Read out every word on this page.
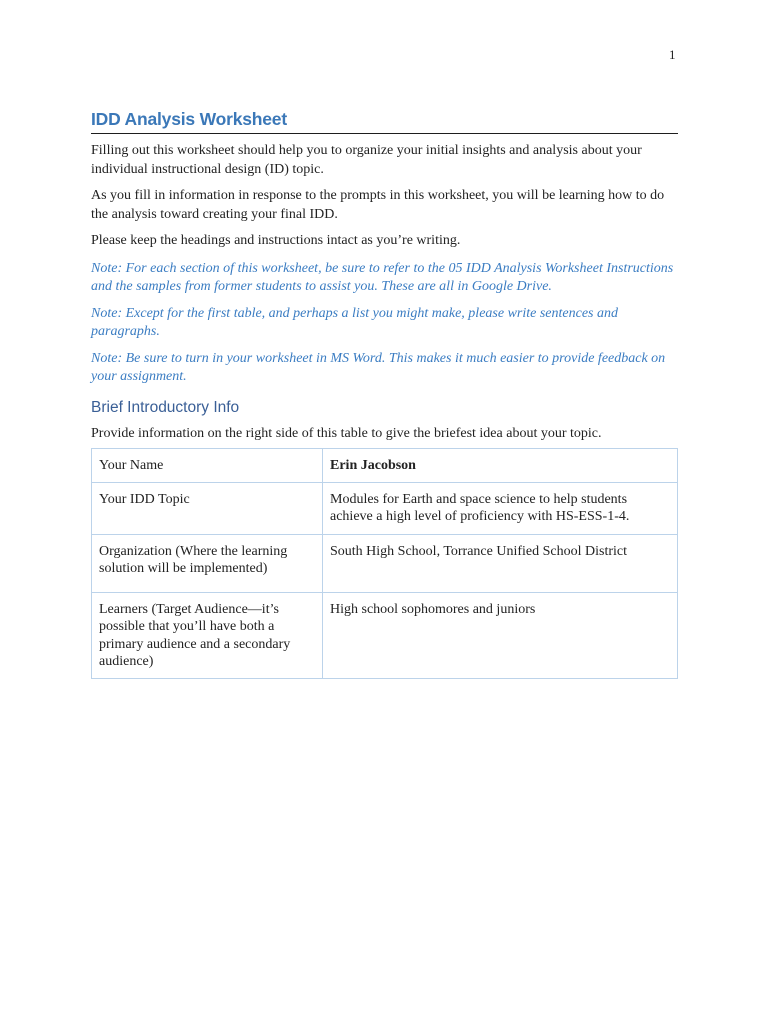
1
IDD Analysis Worksheet

Filling out this worksheet should help you to organize your initial insights and analysis about your individual instructional design (ID) topic.

As you fill in information in response to the prompts in this worksheet, you will be learning how to do the analysis toward creating your final IDD.

Please keep the headings and instructions intact as you’re writing.

Note: For each section of this worksheet, be sure to refer to the 05 IDD Analysis Worksheet Instructions and the samples from former students to assist you. These are all in Google Drive.

Note: Except for the first table, and perhaps a list you might make, please write sentences and paragraphs.

Note: Be sure to turn in your worksheet in MS Word. This makes it much easier to provide feedback on your assignment.

Brief Introductory Info

Provide information on the right side of this table to give the briefest idea about your topic.

Your Name	Erin Jacobson
Your IDD Topic	Modules for Earth and space science to help students achieve a high level of proficiency with HS-ESS-1-4.
Organization (Where the learning solution will be implemented)	South High School, Torrance Unified School District
Learners (Target Audience—it’s possible that you’ll have both a primary audience and a secondary audience)	High school sophomores and juniors
